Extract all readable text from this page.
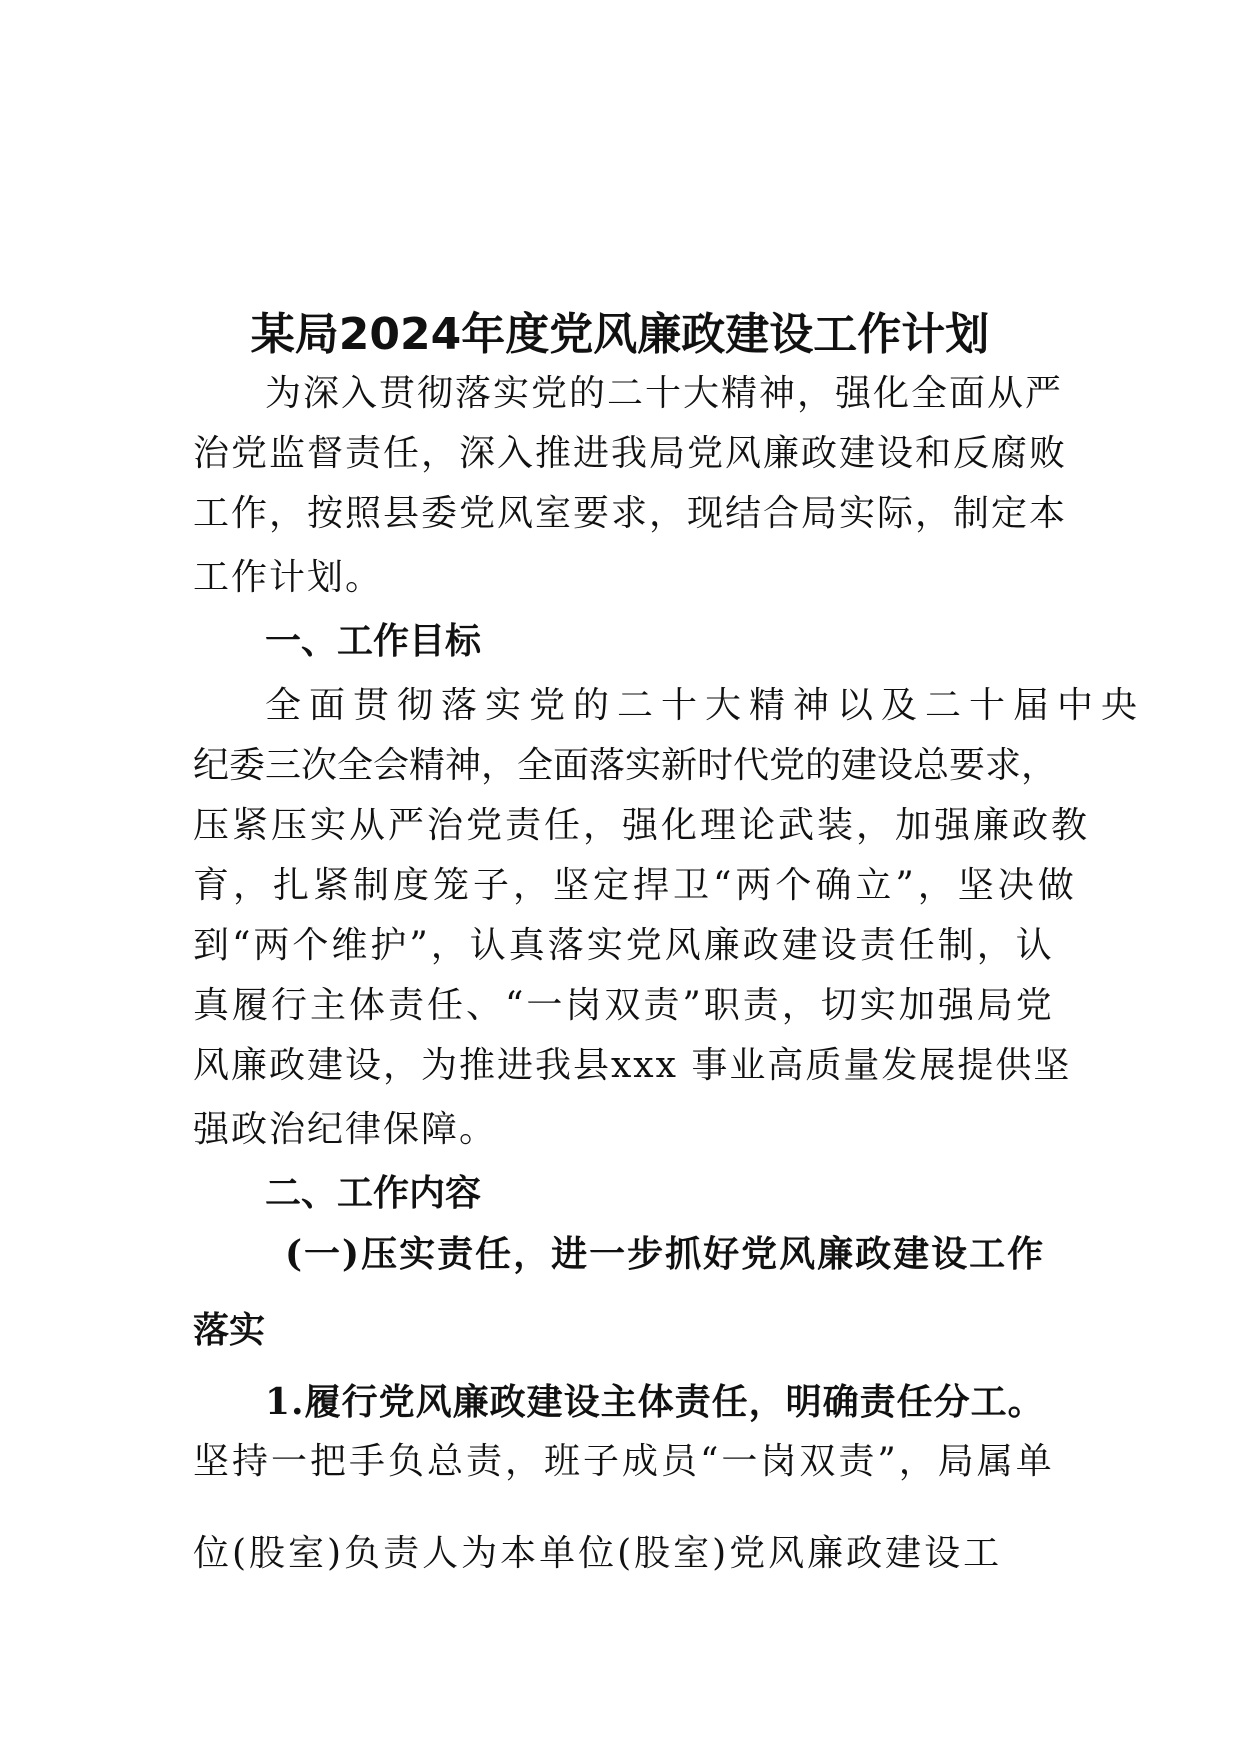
某局2024年度党风廉政建设工作计划
为深入贯彻落实党的二十大精神，强化全面从严
治党监督责任，深入推进我局党风廉政建设和反腐败
工作，按照县委党风室要求，现结合局实际，制定本
工作计划。
一、工作目标
全面贯彻落实党的二十大精神以及二十届中央
纪委三次全会精神，全面落实新时代党的建设总要求，
压紧压实从严治党责任，强化理论武装，加强廉政教
育，扎紧制度笼子，坚定捍卫“两个确立”，坚决做
到“两个维护”，认真落实党风廉政建设责任制，认
真履行主体责任、“一岗双责”职责，切实加强局党
风廉政建设，为推进我县xxx 事业高质量发展提供坚
强政治纪律保障。
二、工作内容
(一)压实责任，进一步抓好党风廉政建设工作
落实
1.履行党风廉政建设主体责任，明确责任分工。
坚持一把手负总责，班子成员“一岗双责”，局属单
位(股室)负责人为本单位(股室)党风廉政建设工
